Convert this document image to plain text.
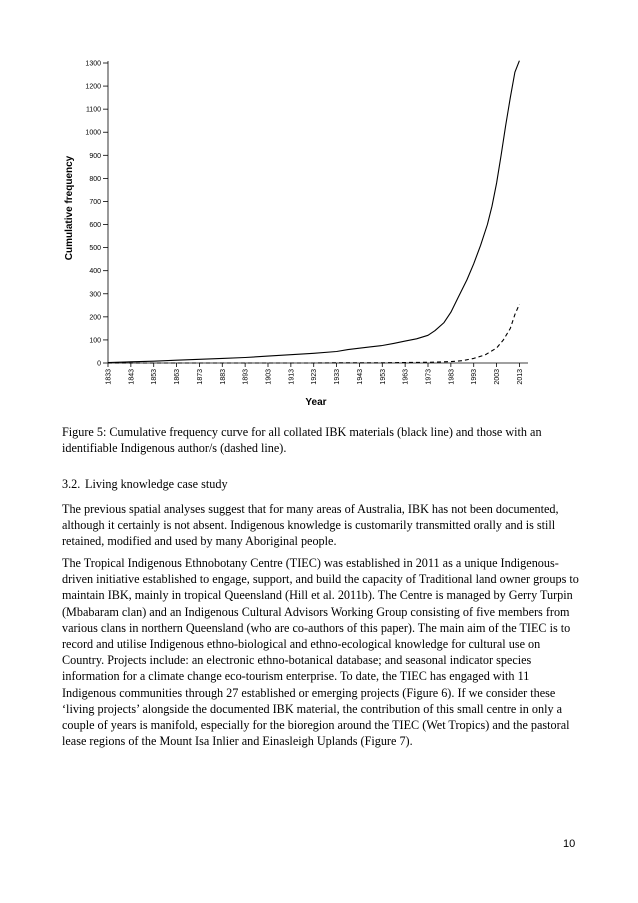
0
100
200
300
400
500
600
700
800
900
1000
1100
1200
1300
1833 1843 1853 1863 1873 1883 1893 1903 1913 1923 1933 1943 1953 1963 1973 1983 1993 2003 2013
Cumulative frequency
Year

Figure 5: Cumulative frequency curve for all collated IBK materials (black line) and those with an identifiable Indigenous author/s (dashed line).

3.2. Living knowledge case study

The previous spatial analyses suggest that for many areas of Australia, IBK has not been documented, although it certainly is not absent. Indigenous knowledge is customarily transmitted orally and is still retained, modified and used by many Aboriginal people.

The Tropical Indigenous Ethnobotany Centre (TIEC) was established in 2011 as a unique Indigenous-driven initiative established to engage, support, and build the capacity of Traditional land owner groups to maintain IBK, mainly in tropical Queensland (Hill et al. 2011b). The Centre is managed by Gerry Turpin (Mbabaram clan) and an Indigenous Cultural Advisors Working Group consisting of five members from various clans in northern Queensland (who are co-authors of this paper). The main aim of the TIEC is to record and utilise Indigenous ethno-biological and ethno-ecological knowledge for cultural use on Country. Projects include: an electronic ethno-botanical database; and seasonal indicator species information for a climate change eco-tourism enterprise. To date, the TIEC has engaged with 11 Indigenous communities through 27 established or emerging projects (Figure 6). If we consider these ‘living projects’ alongside the documented IBK material, the contribution of this small centre in only a couple of years is manifold, especially for the bioregion around the TIEC (Wet Tropics) and the pastoral lease regions of the Mount Isa Inlier and Einasleigh Uplands (Figure 7).

10
